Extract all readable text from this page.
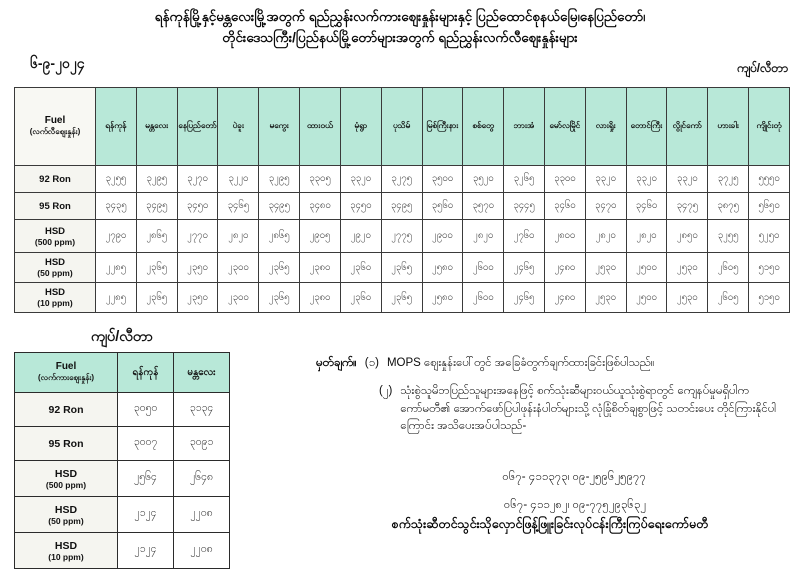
ရန်ကုန်မြို့နှင့်မန္တလေးမြို့အတွက် ရည်ညွှန်းလက်ကားဈေးနှုန်းများနှင့် ပြည်ထောင်စုနယ်မြေ၊နေပြည်တော်၊
တိုင်းဒေသကြီး/ပြည်နယ်မြို့တော်များအတွက် ရည်ညွှန်းလက်လီဈေးနှုန်းများ
၆-၉-၂၀၂၄	ကျပ်/လီတာ
Fuel
(လက်လီဈေးနှုန်း)	ရန်ကုန်	မန္တလေး	နေပြည်တော်	ပဲခူး	မကွေး	ထားဝယ်	မုံရွာ	ပုသိမ်	မြစ်ကြီးနား	စစ်တွေ	ဘားအံ	မော်လမြိုင်	လားရှိုး	တောင်ကြီး	လွိုင်ကော်	ဟားခါး	ကျိုင်းတုံ
92 Ron	၃၂၅၅	၃၂၉၅	၃၂၇၀	၃၂၂၀	၃၂၉၅	၃၃၀၅	၃၃၂၀	၃၂၇၅	၃၅၀၀	၃၅၂၀	၃၂၆၅	၃၃၀၀	၃၃၂၀	၃၃၂၀	၃၃၂၀	၃၇၂၅	၅၅၅၀
95 Ron	၃၄၃၅	၃၄၉၅	၃၄၅၀	၃၄၆၅	၃၄၉၅	၃၄၈၀	၃၄၅၀	၃၄၉၅	၃၅၆၀	၃၅၇၀	၃၄၄၅	၃၄၆၀	၃၄၇၀	၃၄၆၀	၃၄၇၅	၃၈၇၅	၅၆၅၀
HSD
(500 ppm)	၂၇၉၀	၂၈၆၅	၂၇၇၀	၂၈၂၀	၂၈၆၅	၂၉၀၅	၂၉၂၀	၂၇၇၅	၂၉၀၀	၂၈၂၀	၂၇၆၀	၂၈၀၀	၂၈၂၀	၂၈၂၀	၂၈၅၀	၃၂၅၅	၅၂၅၀
HSD
(50 ppm)	၂၂၈၅	၂၃၆၅	၂၃၅၀	၂၃၀၀	၂၃၆၅	၂၃၈၀	၂၃၆၀	၂၃၆၅	၂၅၈၀	၂၆၀၀	၂၄၆၅	၂၄၈၀	၂၅၃၀	၂၅၀၀	၂၅၃၀	၂၆၀၅	၅၁၅၀
HSD
(10 ppm)	၂၂၈၅	၂၃၆၅	၂၃၅၀	၂၃၀၀	၂၃၆၅	၂၃၈၀	၂၃၆၀	၂၃၆၅	၂၅၈၀	၂၆၀၀	၂၄၆၅	၂၄၈၀	၂၅၃၀	၂၅၀၀	၂၅၃၀	၂၆၀၅	၅၁၅၀
ကျပ်/လီတာ
Fuel
(လက်ကားဈေးနှုန်း)	ရန်ကုန်	မန္တလေး
92 Ron	၃၀၅၀	၃၁၃၄
95 Ron	၃၀၀၇	၃၀၉၁
HSD
(500 ppm)	၂၅၆၄	၂၆၄၈
HSD
(50 ppm)	၂၁၂၄	၂၂၀၈
HSD
(10 ppm)	၂၁၂၄	၂၂၀၈
မှတ်ချက်။ (၁) MOPS ဈေးနှုန်းပေါ်တွင် အခြေခံတွက်ချက်ထားခြင်းဖြစ်ပါသည်။
(၂) သုံးစွဲသူမိဘပြည်သူများအနေဖြင့် စက်သုံးဆီများဝယ်ယူသုံးစွဲရာတွင် ကျေနပ်မှုမရှိပါက ကော်မတီ၏ အောက်ဖော်ပြပါဖုန်းနံပါတ်များသို့ လုံခြုံစိတ်ချစွာဖြင့် သတင်းပေး တိုင်ကြားနိုင်ပါကြောင်း အသိပေးအပ်ပါသည်-
၀၆၇- ၄၁၁၃၇၃၊ ၀၉-၂၅၉၆၂၅၉၇၇
၀၆၇- ၄၁၁၂၈၂၊ ၀၉-၇၇၅၂၉၃၆၃၂
စက်သုံးဆီတင်သွင်းသိုလှောင်ဖြန့်ဖြူးခြင်းလုပ်ငန်းကြီးကြပ်ရေးကော်မတီ
